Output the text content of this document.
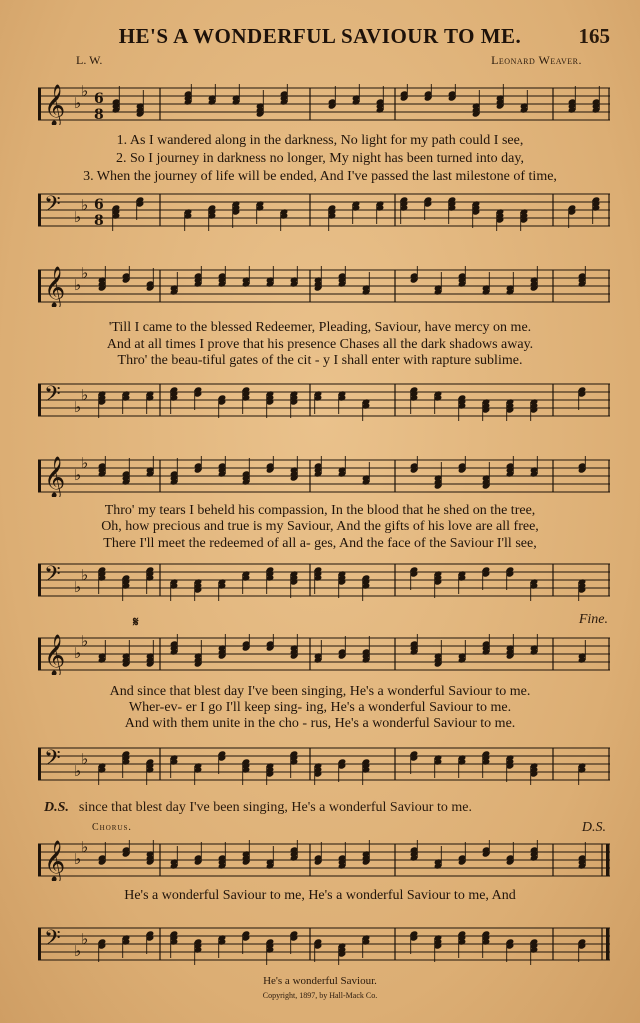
HE'S A WONDERFUL SAVIOUR TO ME.	165
L. W.	Leonard Weaver.
𝄞 ♭
♭ 6
8
1. As I wandered along in the darkness, No light for my path could I see,
2. So I journey in darkness no longer, My night has been turned into day,
3. When the journey of life will be ended, And I've passed the last milestone of time,
𝄢 ♭
♭ 6
8
𝄞 ♭
♭
'Till I came to the blessed Redeemer, Pleading, Saviour, have mercy on me.
And at all times I prove that his presence Chases all the dark shadows away.
Thro' the beau-tiful gates of the cit - y I shall enter with rapture sublime.
𝄢 ♭
♭
𝄞 ♭
♭
Thro' my tears I beheld his compassion, In the blood that he shed on the tree,
Oh, how precious and true is my Saviour, And the gifts of his love are all free,
There I'll meet the redeemed of all a- ges, And the face of the Saviour I'll see,
𝄢 ♭
♭
𝄋	Fine.
𝄞 ♭
♭
And since that blest day I've been singing, He's a wonderful Saviour to me.
Wher-ev- er I go I'll keep sing- ing, He's a wonderful Saviour to me.
And with them unite in the cho - rus, He's a wonderful Saviour to me.
𝄢 ♭
♭
D.S. since that blest day I've been singing, He's a wonderful Saviour to me.
Chorus.	D.S.
𝄞 ♭
♭
He's a wonderful Saviour to me, He's a wonderful Saviour to me, And
𝄢 ♭
♭
He's a wonderful Saviour.
Copyright, 1897, by Hall-Mack Co.
